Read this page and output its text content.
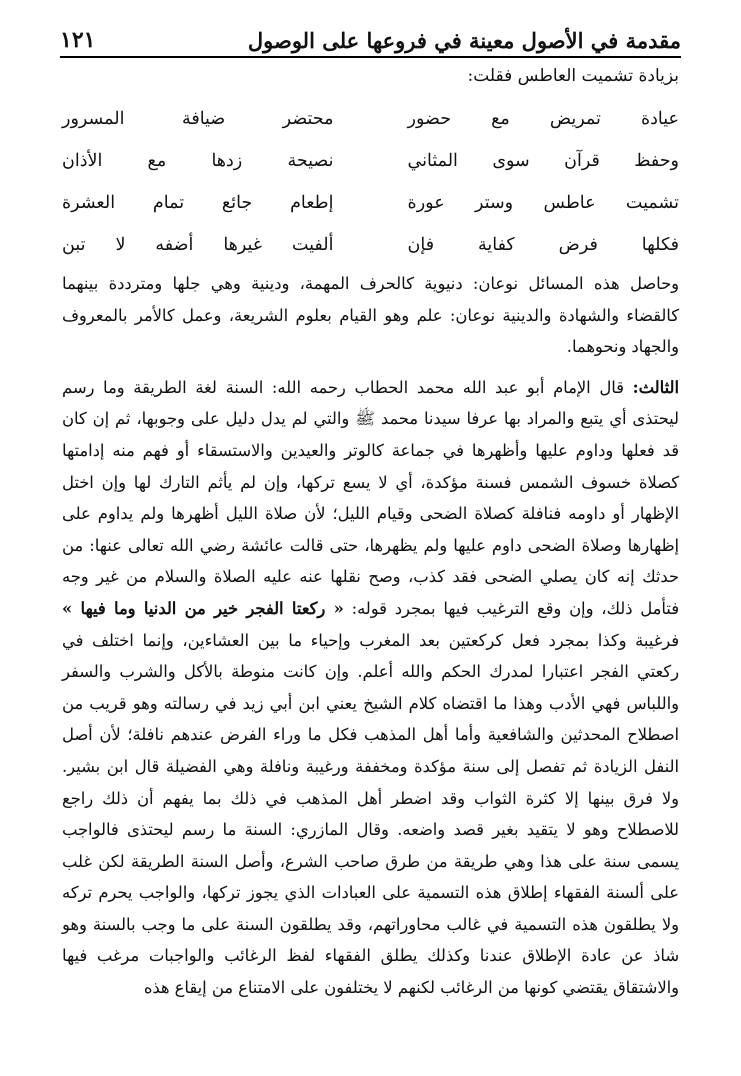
مقدمة في الأصول معينة في فروعها على الوصول
١٢١
بزيادة تشميت العاطس فقلت:
عيادة تمريض مع حضور
محتضر ضيافة المسرور
وحفظ قرآن سوى المثاني
نصيحة زدها مع الأذان
تشميت عاطس وستر عورة
إطعام جائع تمام العشرة
فكلها فرض كفاية فإن
ألفيت غيرها أضفه لا تبن

وحاصل هذه المسائل نوعان: دنيوية كالحرف المهمة، ودينية وهي جلها ومترددة بينهما كالقضاء والشهادة والدينية نوعان: علم وهو القيام بعلوم الشريعة، وعمل كالأمر بالمعروف والجهاد ونحوهما.

الثالث: قال الإمام أبو عبد الله محمد الحطاب رحمه الله: السنة لغة الطريقة وما رسم ليحتذى أي يتبع والمراد بها عرفا سيدنا محمد ﷺ والتي لم يدل دليل على وجوبها، ثم إن كان قد فعلها وداوم عليها وأظهرها في جماعة كالوتر والعيدين والاستسقاء أو فهم منه إدامتها كصلاة خسوف الشمس فسنة مؤكدة، أي لا يسع تركها، وإن لم يأثم التارك لها وإن اختل الإظهار أو داومه فنافلة كصلاة الضحى وقيام الليل؛ لأن صلاة الليل أظهرها ولم يداوم على إظهارها وصلاة الضحى داوم عليها ولم يظهرها، حتى قالت عائشة رضي الله تعالى عنها: من حدثك إنه كان يصلي الضحى فقد كذب، وصح نقلها عنه عليه الصلاة والسلام من غير وجه فتأمل ذلك، وإن وقع الترغيب فيها بمجرد قوله: « ركعتا الفجر خير من الدنيا وما فيها » فرغيبة وكذا بمجرد فعل كركعتين بعد المغرب وإحياء ما بين العشاءين، وإنما اختلف في ركعتي الفجر اعتبارا لمدرك الحكم والله أعلم. وإن كانت منوطة بالأكل والشرب والسفر واللباس فهي الأدب وهذا ما اقتضاه كلام الشيخ يعني ابن أبي زيد في رسالته وهو قريب من اصطلاح المحدثين والشافعية وأما أهل المذهب فكل ما وراء الفرض عندهم نافلة؛ لأن أصل النفل الزيادة ثم تفصل إلى سنة مؤكدة ومخففة ورغيبة ونافلة وهي الفضيلة قال ابن بشير. ولا فرق بينها إلا كثرة الثواب وقد اضطر أهل المذهب في ذلك بما يفهم أن ذلك راجع للاصطلاح وهو لا يتقيد بغير قصد واضعه. وقال المازري: السنة ما رسم ليحتذى فالواجب يسمى سنة على هذا وهي طريقة من طرق صاحب الشرع، وأصل السنة الطريقة لكن غلب على ألسنة الفقهاء إطلاق هذه التسمية على العبادات الذي يجوز تركها، والواجب يحرم تركه ولا يطلقون هذه التسمية في غالب محاوراتهم، وقد يطلقون السنة على ما وجب بالسنة وهو شاذ عن عادة الإطلاق عندنا وكذلك يطلق الفقهاء لفظ الرغائب والواجبات مرغب فيها والاشتقاق يقتضي كونها من الرغائب لكنهم لا يختلفون على الامتناع من إيقاع هذه
